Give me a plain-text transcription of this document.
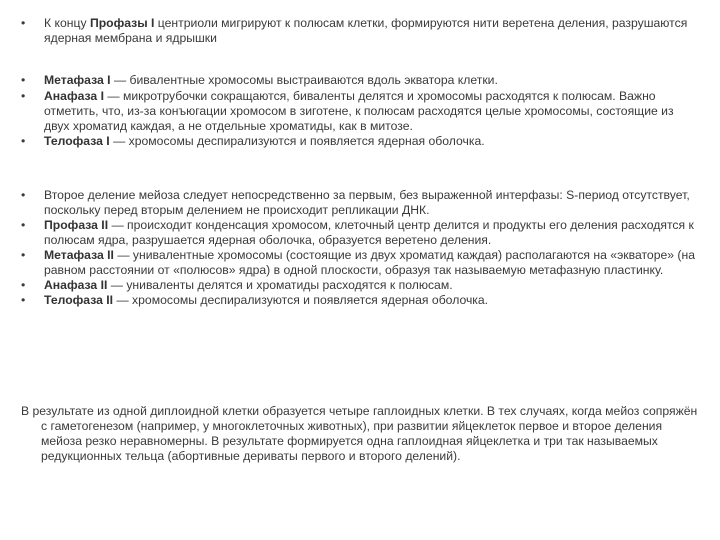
• К концу Профазы I центриоли мигрируют к полюсам клетки, формируются нити веретена деления, разрушаются ядерная мембрана и ядрышки
• Метафаза I — бивалентные хромосомы выстраиваются вдоль экватора клетки.
• Анафаза I — микротрубочки сокращаются, биваленты делятся и хромосомы расходятся к полюсам. Важно отметить, что, из-за конъюгации хромосом в зиготене, к полюсам расходятся целые хромосомы, состоящие из двух хроматид каждая, а не отдельные хроматиды, как в митозе.
• Телофаза I — хромосомы деспирализуются и появляется ядерная оболочка.
• Второе деление мейоза следует непосредственно за первым, без выраженной интерфазы: S-период отсутствует, поскольку перед вторым делением не происходит репликации ДНК.
• Профаза II — происходит конденсация хромосом, клеточный центр делится и продукты его деления расходятся к полюсам ядра, разрушается ядерная оболочка, образуется веретено деления.
• Метафаза II — унивалентные хромосомы (состоящие из двух хроматид каждая) располагаются на «экваторе» (на равном расстоянии от «полюсов» ядра) в одной плоскости, образуя так называемую метафазную пластинку.
• Анафаза II — униваленты делятся и хроматиды расходятся к полюсам.
• Телофаза II — хромосомы деспирализуются и появляется ядерная оболочка.
В результате из одной диплоидной клетки образуется четыре гаплоидных клетки. В тех случаях, когда мейоз сопряжён с гаметогенезом (например, у многоклеточных животных), при развитии яйцеклеток первое и второе деления мейоза резко неравномерны. В результате формируется одна гаплоидная яйцеклетка и три так называемых редукционных тельца (абортивные дериваты первого и второго делений).
